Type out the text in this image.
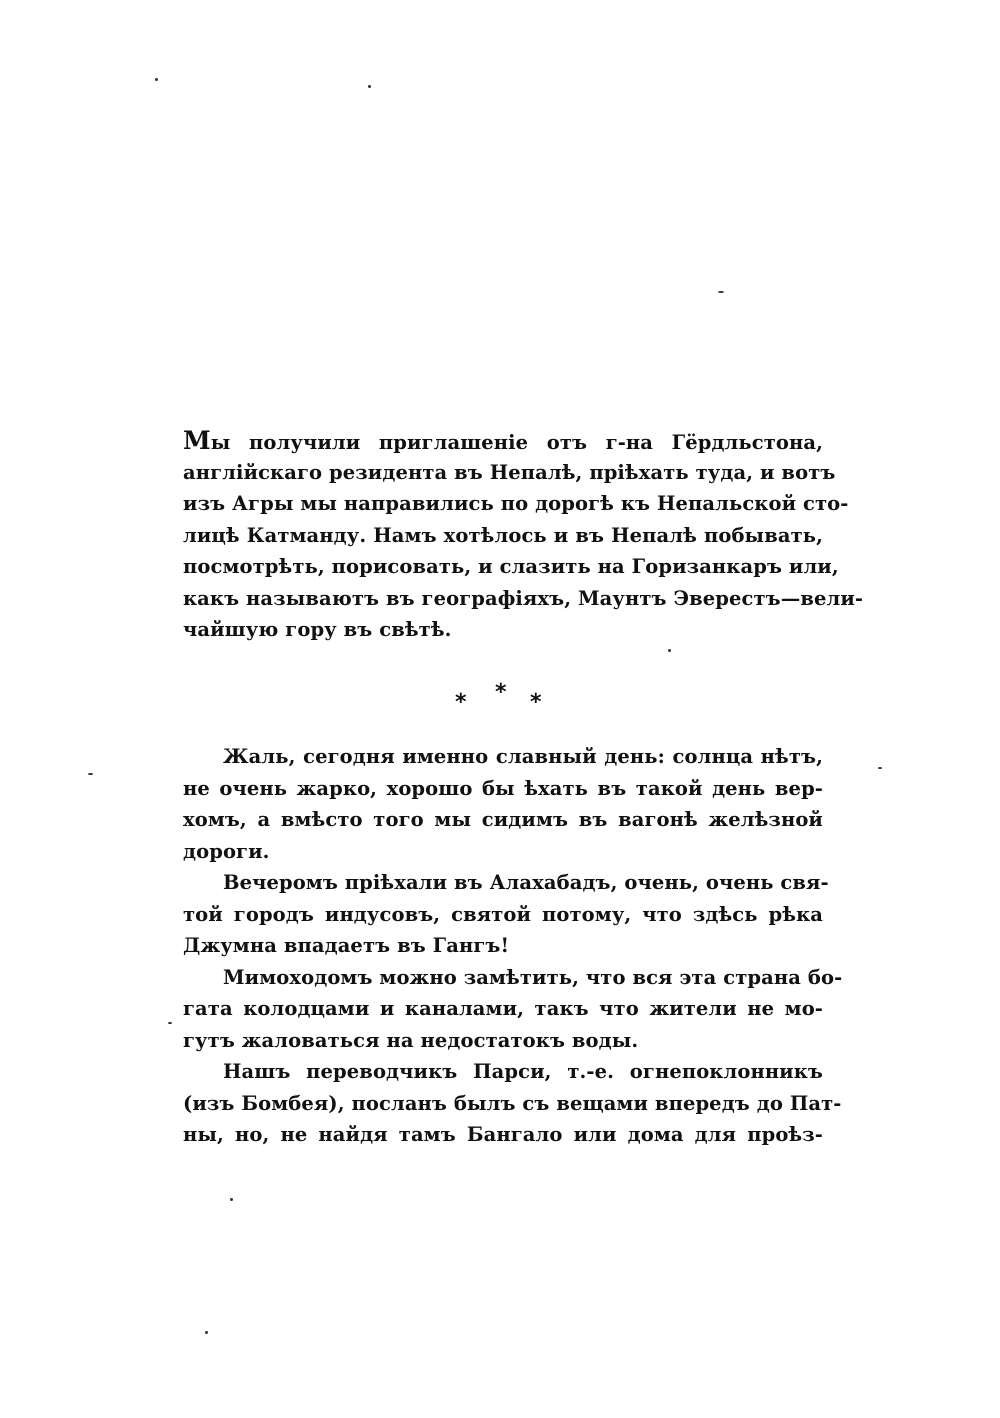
Мы получили приглашеніе отъ г-на Гёрдльстона,
англійскаго резидента въ Непалѣ, пріѣхать туда, и вотъ
изъ Агры мы направились по дорогѣ къ Непальской сто-
лицѣ Катманду. Намъ хотѣлось и въ Непалѣ побывать,
посмотрѣть, порисовать, и слазить на Горизанкаръ или,
какъ называютъ въ географіяхъ, Маунтъ Эверестъ—вели-
чайшую гору въ свѣтѣ.
* * *
Жаль, сегодня именно славный день: солнца нѣтъ,
не очень жарко, хорошо бы ѣхать въ такой день вер-
хомъ, а вмѣсто того мы сидимъ въ вагонѣ желѣзной
дороги.
Вечеромъ пріѣхали въ Алахабадъ, очень, очень свя-
той городъ индусовъ, святой потому, что здѣсь рѣка
Джумна впадаетъ въ Гангъ!
Мимоходомъ можно замѣтить, что вся эта страна бо-
гата колодцами и каналами, такъ что жители не мо-
гутъ жаловаться на недостатокъ воды.
Нашъ переводчикъ Парси, т.-е. огнепоклонникъ
(изъ Бомбея), посланъ былъ съ вещами впередъ до Пат-
ны, но, не найдя тамъ Бангало или дома для проѣз-
